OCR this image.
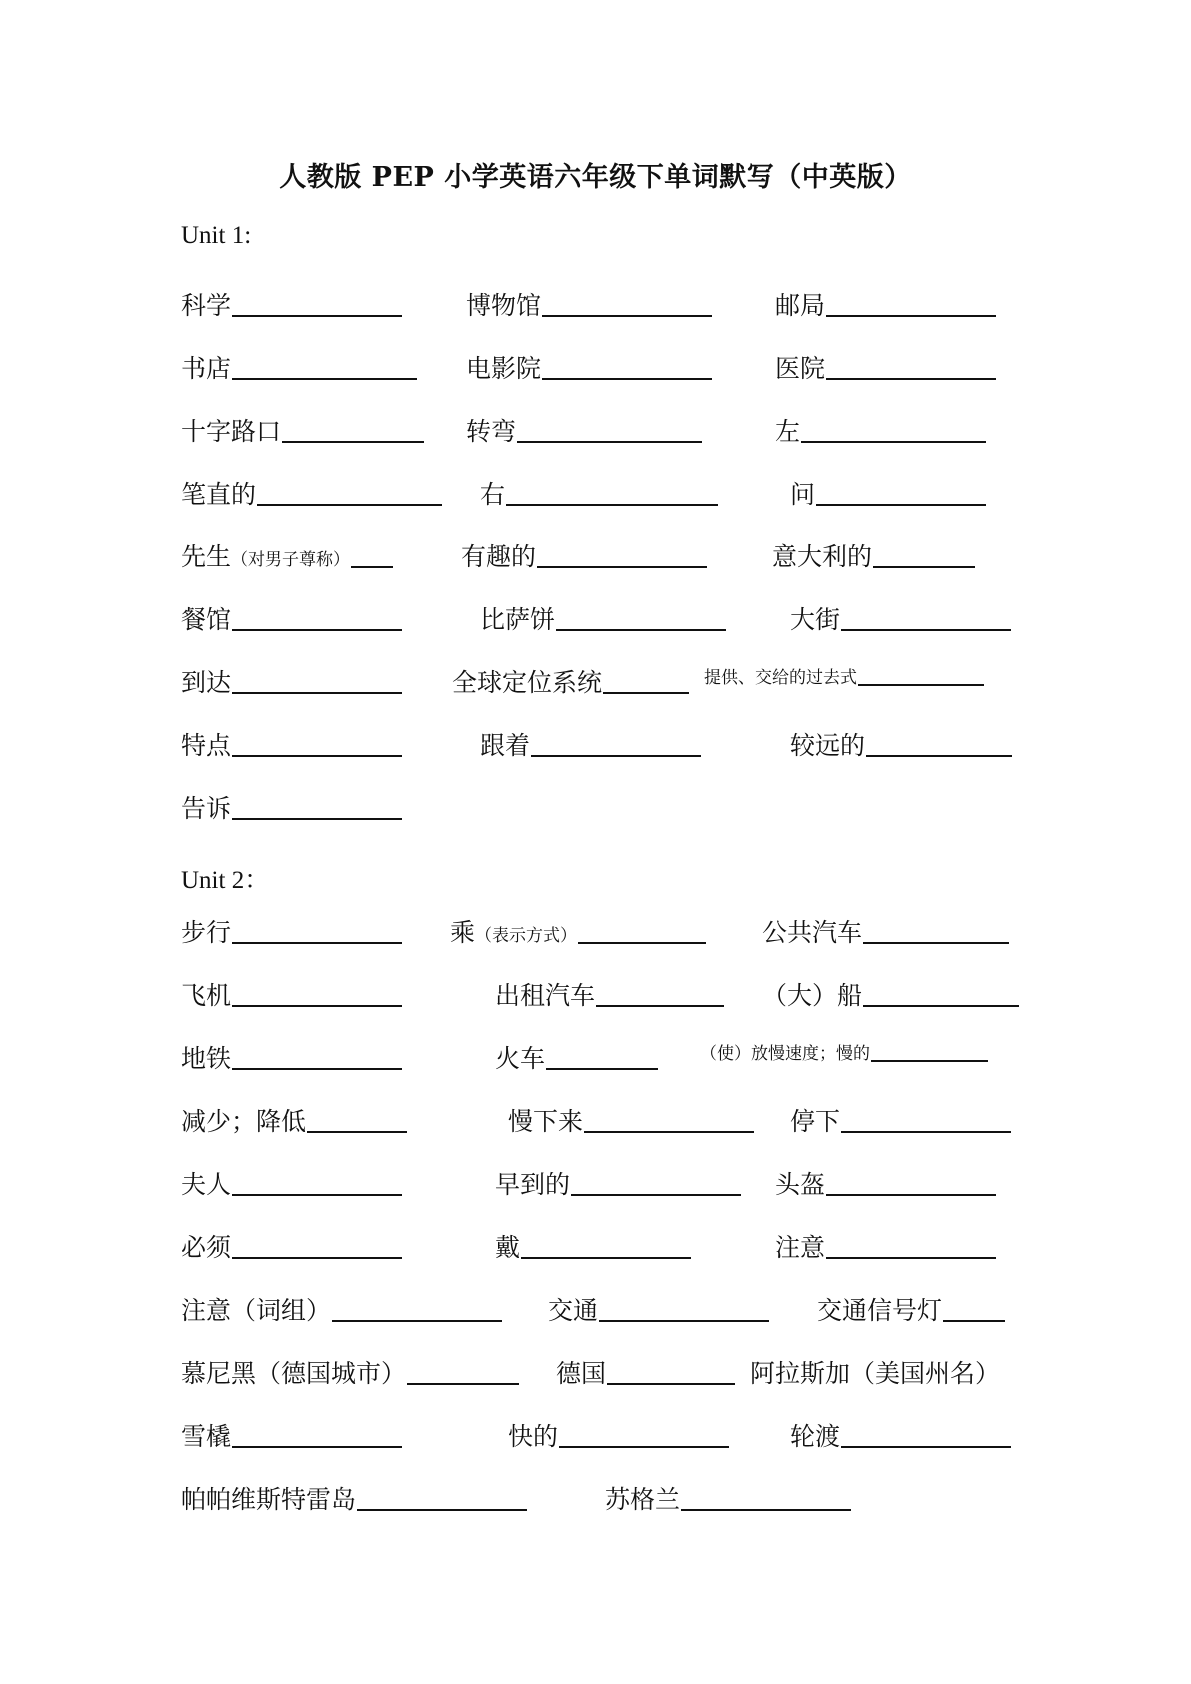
人教版 PEP 小学英语六年级下单词默写（中英版）
Unit 1:
Unit 2：
科学	博物馆	邮局
书店	电影院	医院
十字路口	转弯	左
笔直的	右	问
先生 （对男子尊称）	有趣的	意大利的
餐馆	比萨饼	大街
到达	全球定位系统	提供、交给的过去式
特点	跟着	较远的
告诉
步行	乘 （表示方式）	公共汽车
飞机	出租汽车	（大）船
地铁	火车	（使）放慢速度；慢的
减少；降低	慢下来	停下
夫人	早到的	头盔
必须	戴	注意
注意（词组）	交通	交通信号灯
慕尼黑（德国城市）	德国	阿拉斯加（美国州名）
雪橇	快的	轮渡
帕帕维斯特雷岛	苏格兰
